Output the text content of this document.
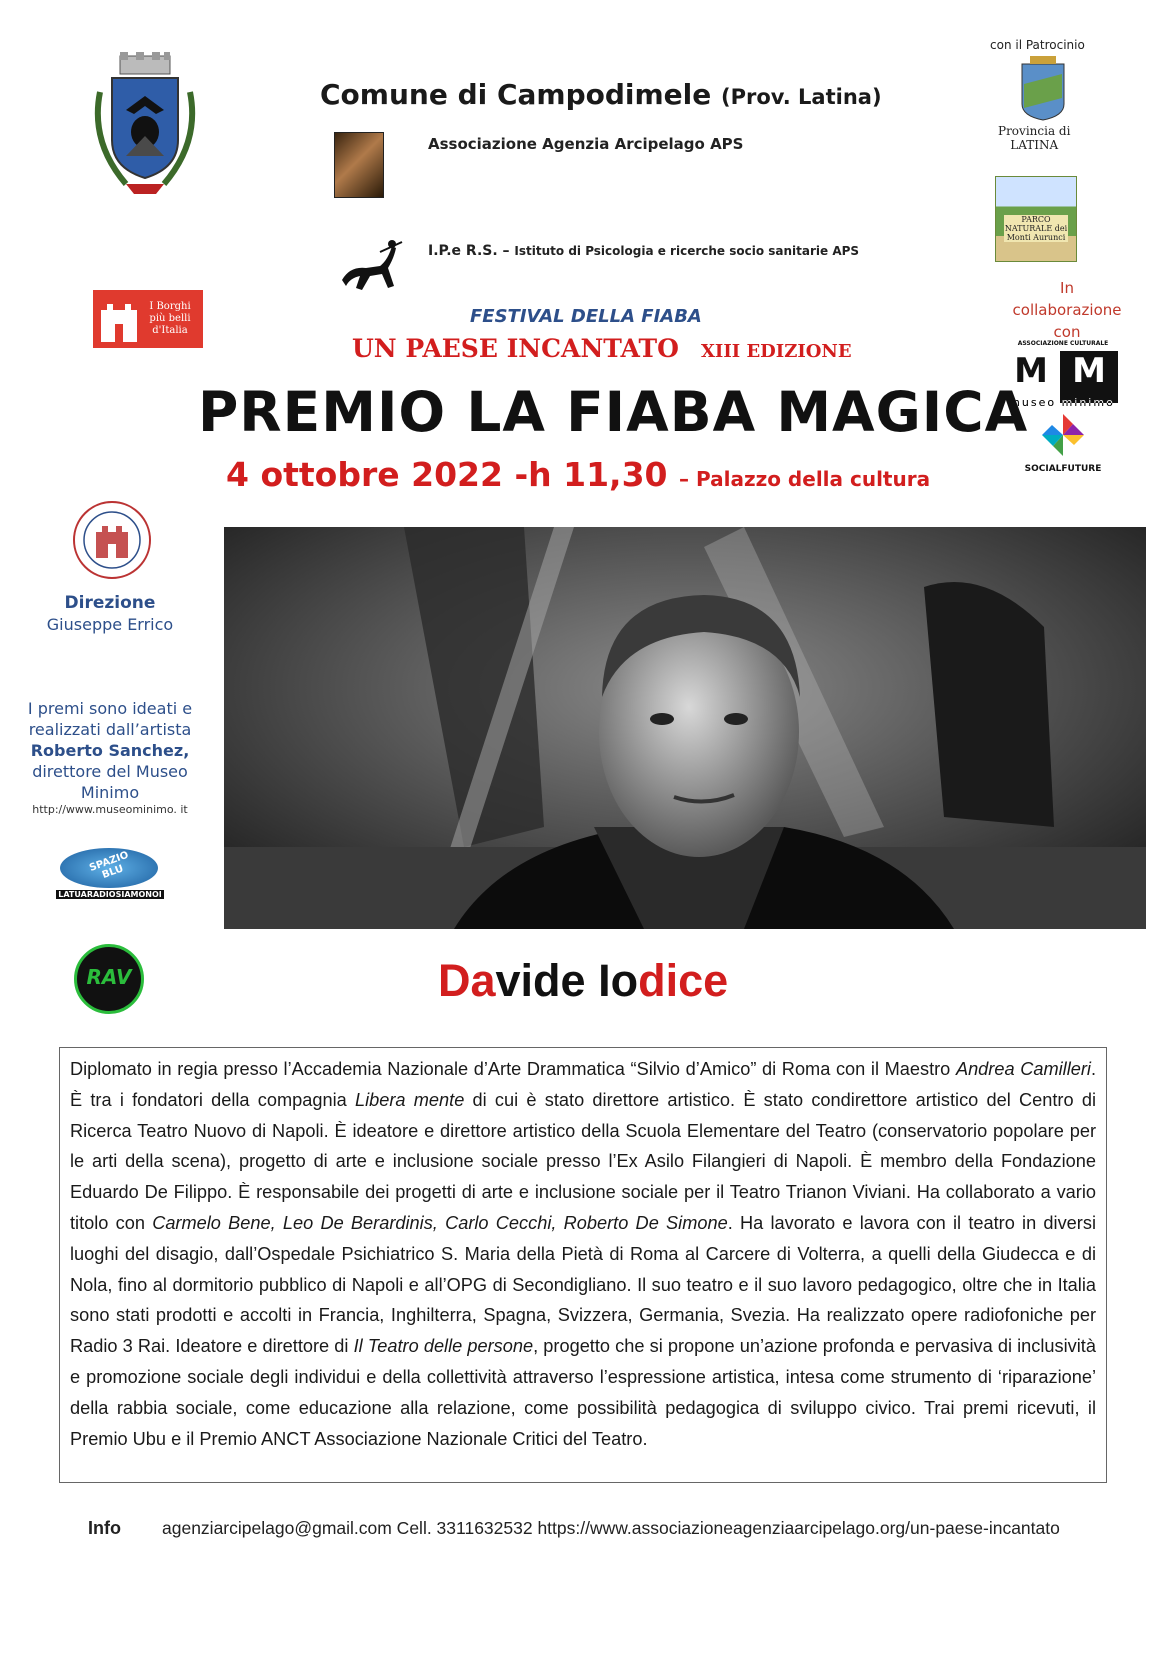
I Borghi più belli d'Italia
PARCO NATURALE dei Monti Aurunci
ASSOCIAZIONE CULTURALE
M M
museo minimo
SOCIALFUTURE
SPAZIO BLU
LATUARADIOSIAMONOI
RAV
Comune di Campodimele (Prov. Latina)
Associazione Agenzia Arcipelago APS
I.P.e R.S. – Istituto di Psicologia e ricerche socio sanitarie APS
con il Patrocinio
Provincia di
LATINA
In collaborazione con
FESTIVAL DELLA FIABA
UN PAESE INCANTATO XIII EDIZIONE
PREMIO LA FIABA MAGICA
4 ottobre 2022 -h 11,30 – Palazzo della cultura
Direzione
Giuseppe Errico
I premi sono ideati e realizzati dall’artista Roberto Sanchez, direttore del Museo Minimo
http://www.museominimo. it
Davide Iodice
Diplomato in regia presso l’Accademia Nazionale d’Arte Drammatica “Silvio d’Amico” di Roma con il Maestro Andrea Camilleri. È tra i fondatori della compagnia Libera mente di cui è stato direttore artistico. È stato condirettore artistico del Centro di Ricerca Teatro Nuovo di Napoli. È ideatore e direttore artistico della Scuola Elementare del Teatro (conservatorio popolare per le arti della scena), progetto di arte e inclusione sociale presso l’Ex Asilo Filangieri di Napoli. È membro della Fondazione Eduardo De Filippo. È responsabile dei progetti di arte e inclusione sociale per il Teatro Trianon Viviani. Ha collaborato a vario titolo con Carmelo Bene, Leo De Berardinis, Carlo Cecchi, Roberto De Simone. Ha lavorato e lavora con il teatro in diversi luoghi del disagio, dall’Ospedale Psichiatrico S. Maria della Pietà di Roma al Carcere di Volterra, a quelli della Giudecca e di Nola, fino al dormitorio pubblico di Napoli e all’OPG di Secondigliano. Il suo teatro e il suo lavoro pedagogico, oltre che in Italia sono stati prodotti e accolti in Francia, Inghilterra, Spagna, Svizzera, Germania, Svezia. Ha realizzato opere radiofoniche per Radio 3 Rai. Ideatore e direttore di Il Teatro delle persone, progetto che si propone un’azione profonda e pervasiva di inclusività e promozione sociale degli individui e della collettività attraverso l’espressione artistica, intesa come strumento di ‘riparazione’ della rabbia sociale, come educazione alla relazione, come possibilità pedagogica di sviluppo civico. Trai premi ricevuti, il Premio Ubu e il Premio ANCT Associazione Nazionale Critici del Teatro.
Info agenziarcipelago@gmail.com Cell. 3311632532 https://www.associazioneagenziaarcipelago.org/un-paese-incantato
